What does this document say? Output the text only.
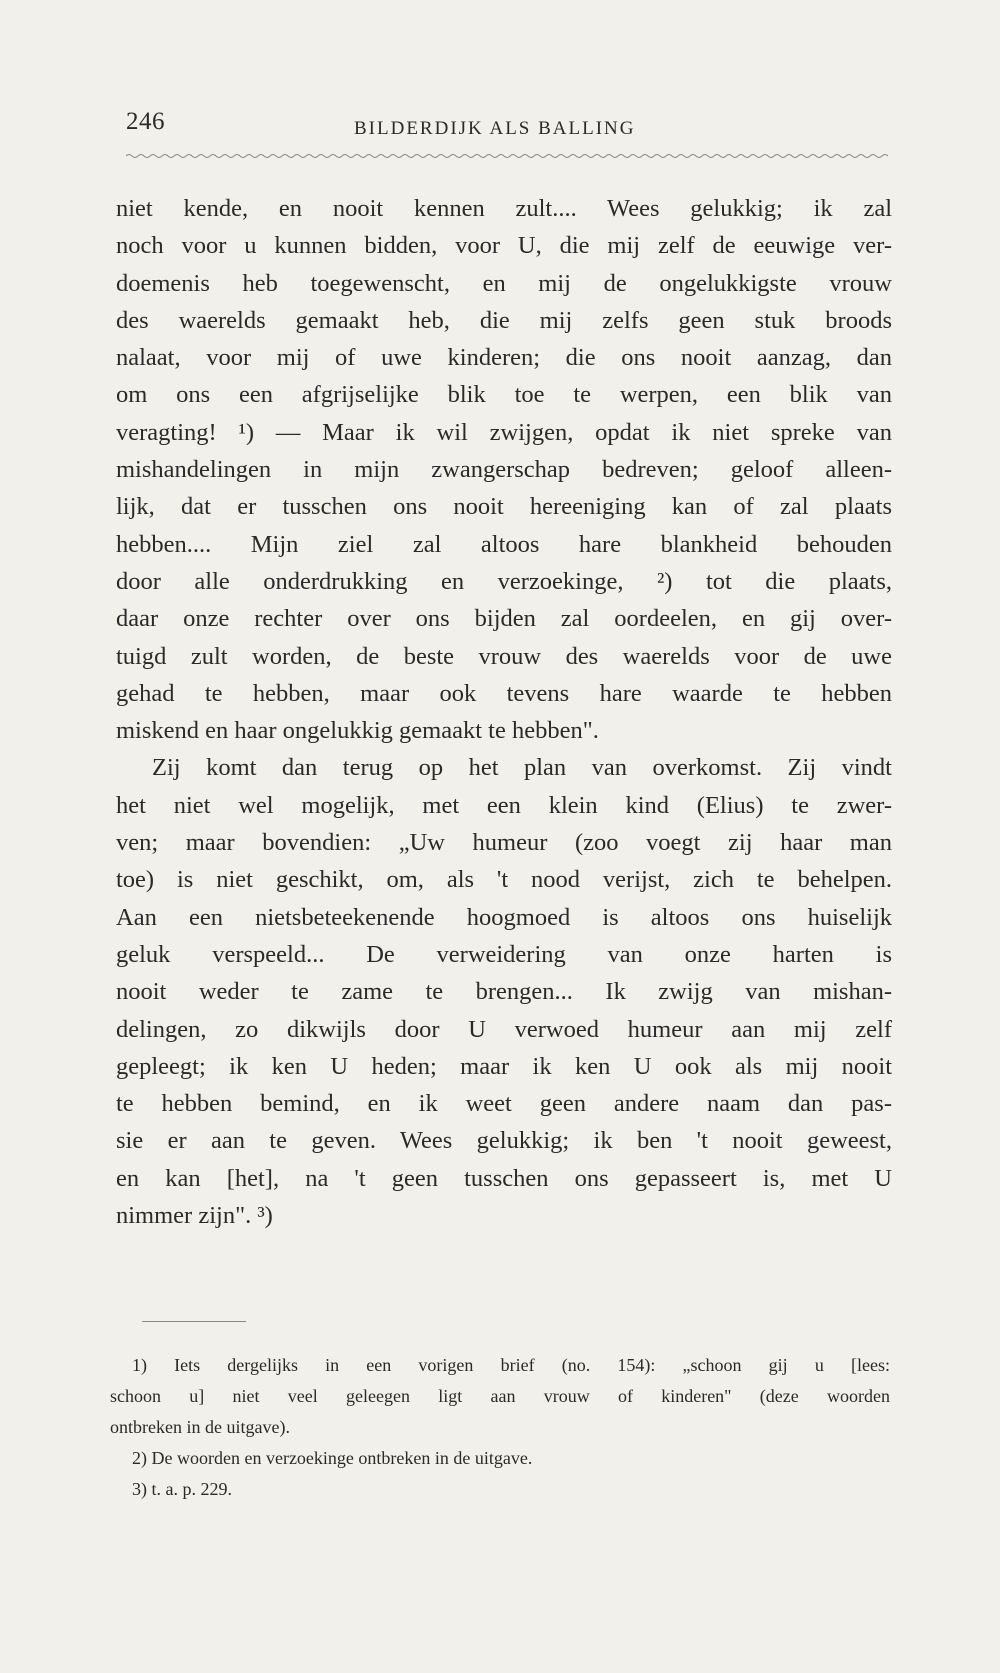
246	BILDERDIJK ALS BALLING
niet kende, en nooit kennen zult.... Wees gelukkig; ik zal
noch voor u kunnen bidden, voor U, die mij zelf de eeuwige ver-
doemenis heb toegewenscht, en mij de ongelukkigste vrouw
des waerelds gemaakt heb, die mij zelfs geen stuk broods
nalaat, voor mij of uwe kinderen; die ons nooit aanzag, dan
om ons een afgrijselijke blik toe te werpen, een blik van
veragting! ¹) — Maar ik wil zwijgen, opdat ik niet spreke van
mishandelingen in mijn zwangerschap bedreven; geloof alleen-
lijk, dat er tusschen ons nooit hereeniging kan of zal plaats
hebben.... Mijn ziel zal altoos hare blankheid behouden
door alle onderdrukking en verzoekinge, ²) tot die plaats,
daar onze rechter over ons bijden zal oordeelen, en gij over-
tuigd zult worden, de beste vrouw des waerelds voor de uwe
gehad te hebben, maar ook tevens hare waarde te hebben
miskend en haar ongelukkig gemaakt te hebben".
Zij komt dan terug op het plan van overkomst. Zij vindt
het niet wel mogelijk, met een klein kind (Elius) te zwer-
ven; maar bovendien: „Uw humeur (zoo voegt zij haar man
toe) is niet geschikt, om, als 't nood verijst, zich te behelpen.
Aan een nietsbeteekenende hoogmoed is altoos ons huiselijk
geluk verspeeld... De verweidering van onze harten is
nooit weder te zame te brengen... Ik zwijg van mishan-
delingen, zo dikwijls door U verwoed humeur aan mij zelf
gepleegt; ik ken U heden; maar ik ken U ook als mij nooit
te hebben bemind, en ik weet geen andere naam dan pas-
sie er aan te geven. Wees gelukkig; ik ben 't nooit geweest,
en kan [het], na 't geen tusschen ons gepasseert is, met U
nimmer zijn". ³)
1) Iets dergelijks in een vorigen brief (no. 154): „schoon gij u [lees:
schoon u] niet veel geleegen ligt aan vrouw of kinderen" (deze woorden
ontbreken in de uitgave).
2) De woorden en verzoekinge ontbreken in de uitgave.
3) t. a. p. 229.
